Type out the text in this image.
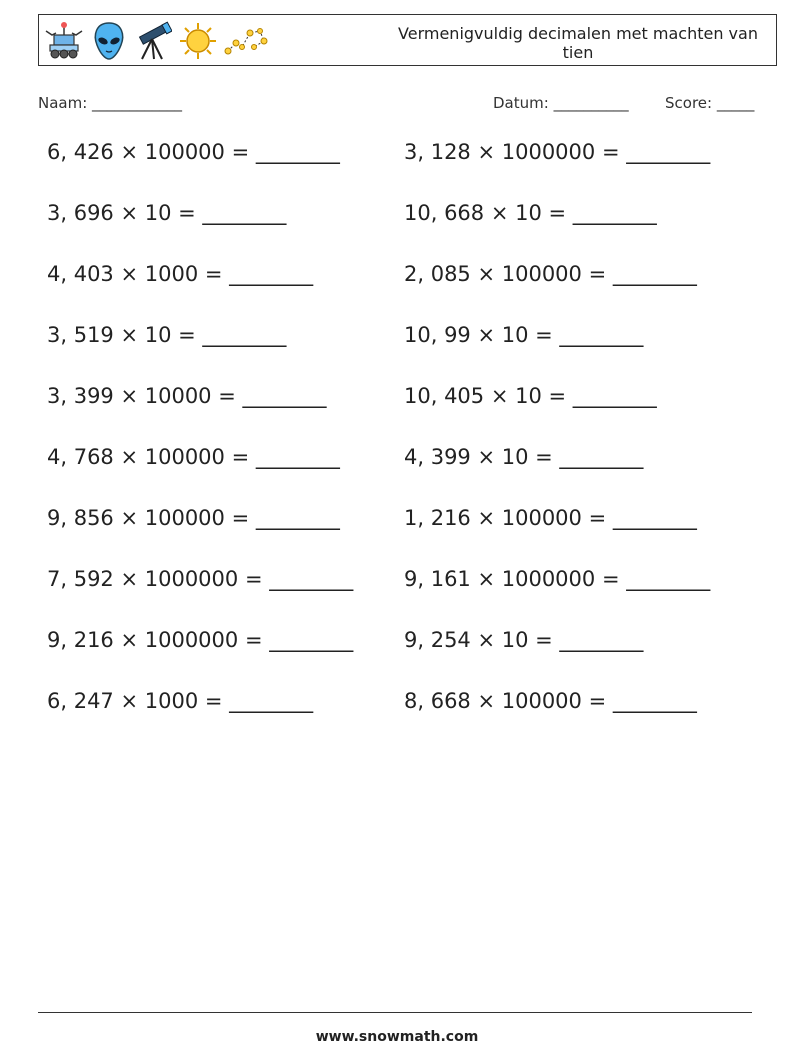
Vermenigvuldig decimalen met machten van tien
Naam: ____________	Datum: __________ Score: _____
6, 426 × 100000 = ________	3, 128 × 1000000 = ________
3, 696 × 10 = ________	10, 668 × 10 = ________
4, 403 × 1000 = ________	2, 085 × 100000 = ________
3, 519 × 10 = ________	10, 99 × 10 = ________
3, 399 × 10000 = ________	10, 405 × 10 = ________
4, 768 × 100000 = ________	4, 399 × 10 = ________
9, 856 × 100000 = ________	1, 216 × 100000 = ________
7, 592 × 1000000 = ________ 9, 161 × 1000000 = ________
9, 216 × 1000000 = ________ 9, 254 × 10 = ________
6, 247 × 1000 = ________	8, 668 × 100000 = ________
www.snowmath.com
